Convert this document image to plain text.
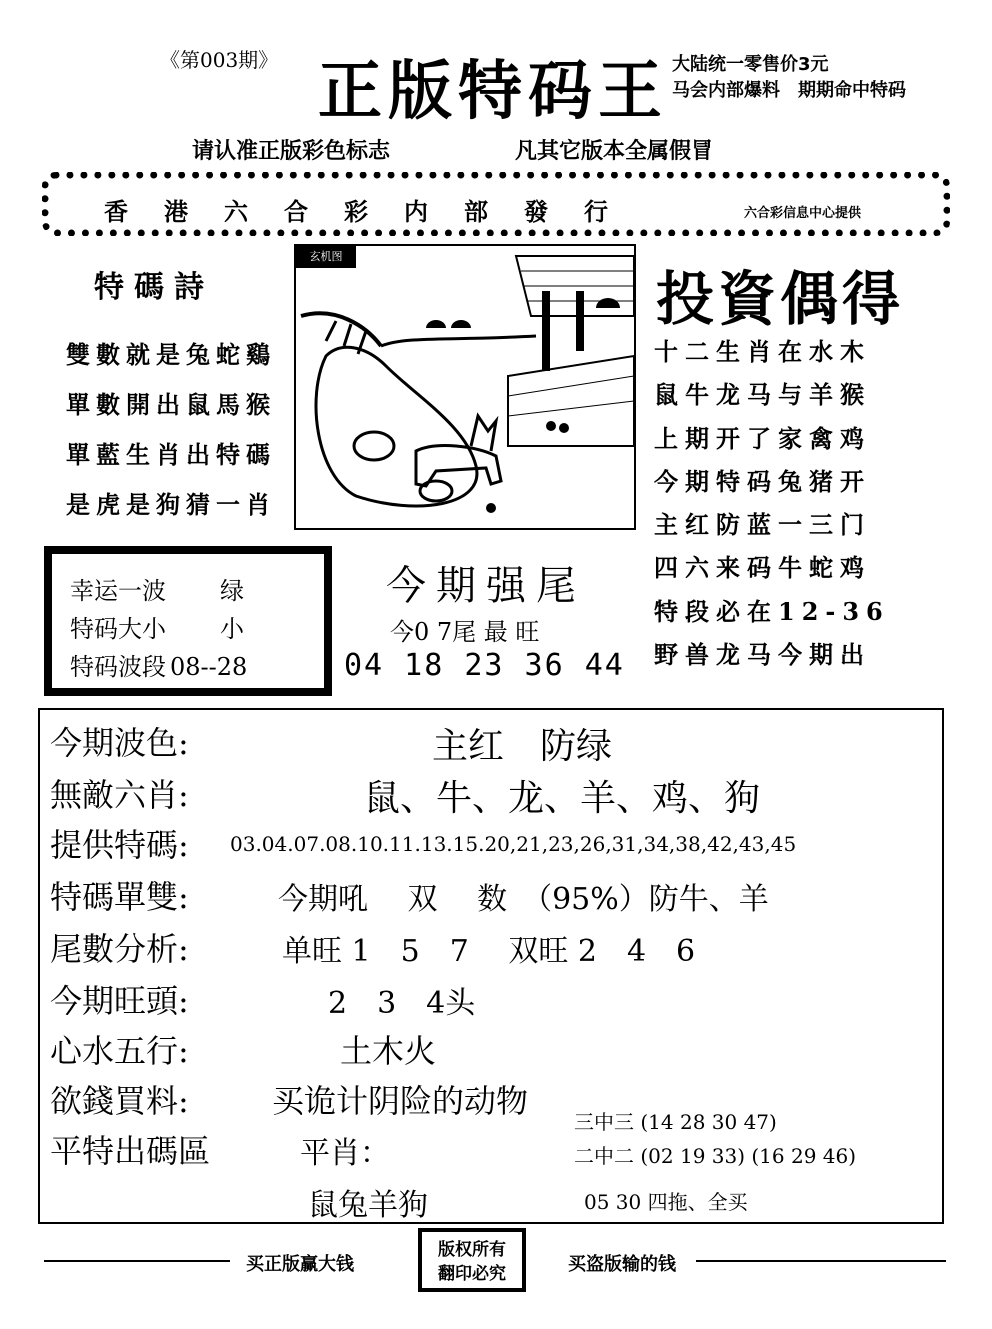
《第003期》 正版特码王 大陆统一零售价3元
马会内部爆料　期期命中特码
请认准正版彩色标志	凡其它版本全属假冒
香港六合彩内部發行	六合彩信息中心提供
特碼詩
雙數就是兔蛇鷄
單數開出鼠馬猴
單藍生肖出特碼
是虎是狗猜一肖
玄机图
投資偶得
十二生肖在水木
鼠牛龙马与羊猴
上期开了家禽鸡
今期特码兔猪开
主红防蓝一三门
四六来码牛蛇鸡
特段必在12-36
野兽龙马今期出
幸运一波 绿
特码大小 小
特码波段 08--28
今期强尾
今0 7尾 最 旺
04 18 23 36 44
今期波色:	主红　防绿
無敵六肖:	鼠、牛、龙、羊、鸡、狗
提供特碼: 03.04.07.08.10.11.13.15.20,21,23,26,31,34,38,42,43,45
特碼單雙:	今期吼　 双　 数　（95%）防牛、羊
尾數分析:	单旺 1　5　7　 双旺 2　4　6
今期旺頭:	2　3　4头
心水五行:	土木火
欲錢買料:	买诡计阴险的动物
平特出碼區	平肖：
鼠兔羊狗
三中三 (14 28 30 47)
二中二 (02 19 33) (16 29 46)
05 30 四拖、全买
买正版赢大钱	买盗版输的钱
版权所有
翻印必究
